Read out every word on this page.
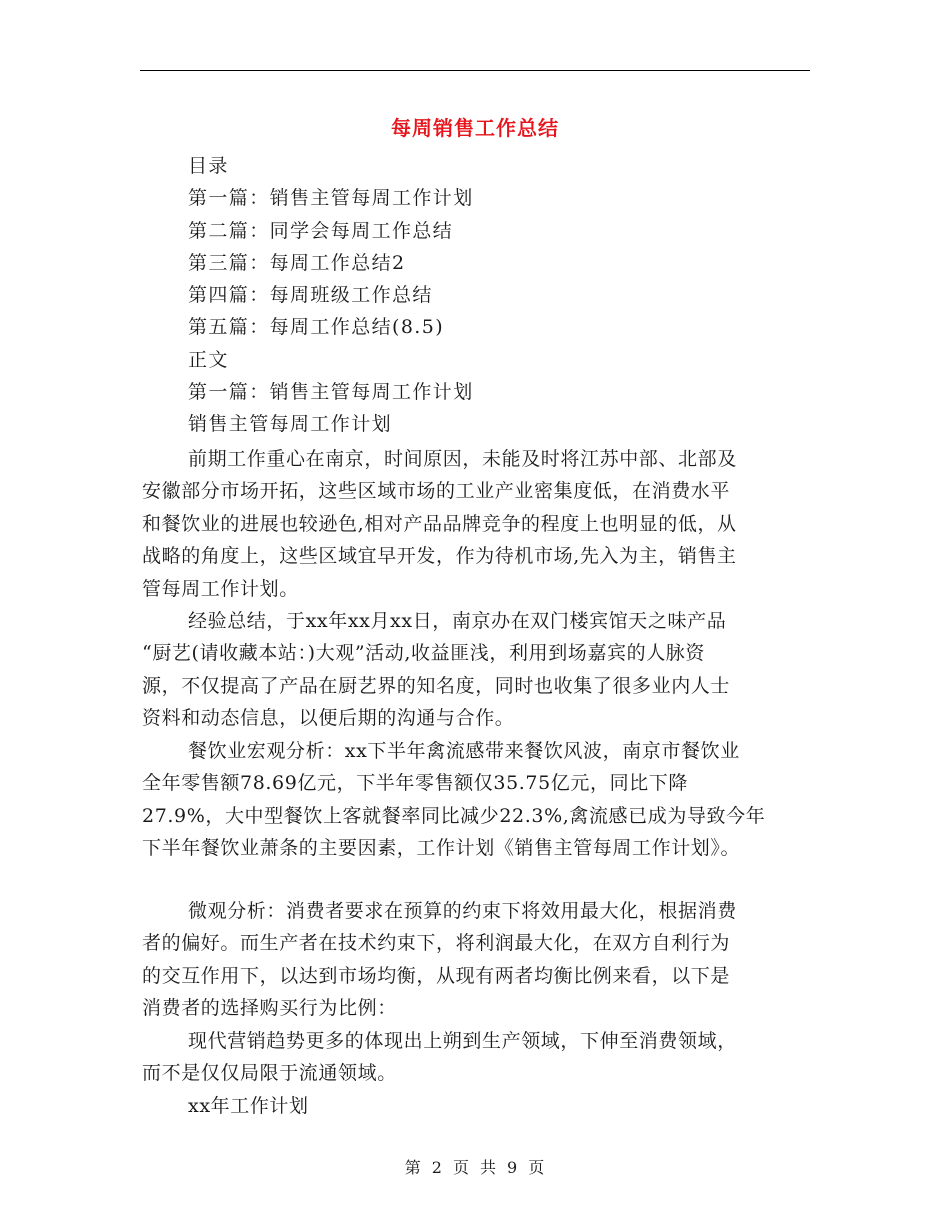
每周销售工作总结
目录
第一篇：销售主管每周工作计划
第二篇：同学会每周工作总结
第三篇：每周工作总结2
第四篇：每周班级工作总结
第五篇：每周工作总结(8.5)
正文
第一篇：销售主管每周工作计划
销售主管每周工作计划
前期工作重心在南京，时间原因，未能及时将江苏中部、北部及
安徽部分市场开拓，这些区域市场的工业产业密集度低，在消费水平
和餐饮业的进展也较逊色,相对产品品牌竞争的程度上也明显的低，从
战略的角度上，这些区域宜早开发，作为待机市场,先入为主，销售主
管每周工作计划。
经验总结，于xx年xx月xx日，南京办在双门楼宾馆天之味产品
“厨艺(请收藏本站：)大观”活动,收益匪浅，利用到场嘉宾的人脉资
源，不仅提高了产品在厨艺界的知名度，同时也收集了很多业内人士
资料和动态信息，以便后期的沟通与合作。
餐饮业宏观分析：xx下半年禽流感带来餐饮风波，南京市餐饮业
全年零售额78.69亿元，下半年零售额仅35.75亿元，同比下降
27.9%，大中型餐饮上客就餐率同比减少22.3%,禽流感已成为导致今年
下半年餐饮业萧条的主要因素，工作计划《销售主管每周工作计划》。
微观分析：消费者要求在预算的约束下将效用最大化，根据消费
者的偏好。而生产者在技术约束下，将利润最大化，在双方自利行为
的交互作用下，以达到市场均衡，从现有两者均衡比例来看，以下是
消费者的选择购买行为比例：
现代营销趋势更多的体现出上朔到生产领域，下伸至消费领域，
而不是仅仅局限于流通领域。
xx年工作计划
第 2 页 共 9 页
